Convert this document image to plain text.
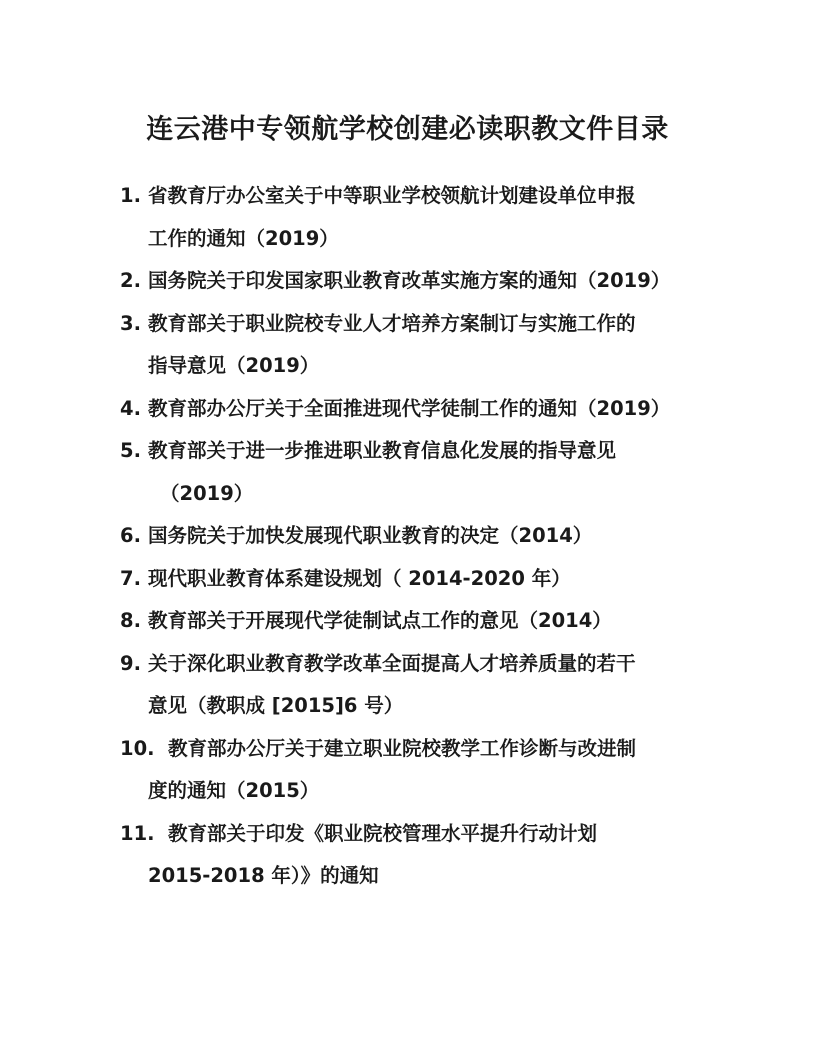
连云港中专领航学校创建必读职教文件目录
1. 省教育厅办公室关于中等职业学校领航计划建设单位申报
工作的通知（2019）
2. 国务院关于印发国家职业教育改革实施方案的通知（2019）
3. 教育部关于职业院校专业人才培养方案制订与实施工作的
指导意见（2019）
4. 教育部办公厅关于全面推进现代学徒制工作的通知（2019）
5. 教育部关于进一步推进职业教育信息化发展的指导意见
（2019）
6. 国务院关于加快发展现代职业教育的决定（2014）
7. 现代职业教育体系建设规划（ 2014-2020 年）
8. 教育部关于开展现代学徒制试点工作的意见（2014）
9. 关于深化职业教育教学改革全面提高人才培养质量的若干
意见（教职成 [2015]6 号）
10. 教育部办公厅关于建立职业院校教学工作诊断与改进制
度的通知（2015）
11. 教育部关于印发《职业院校管理水平提升行动计划
2015-2018 年）》的通知
